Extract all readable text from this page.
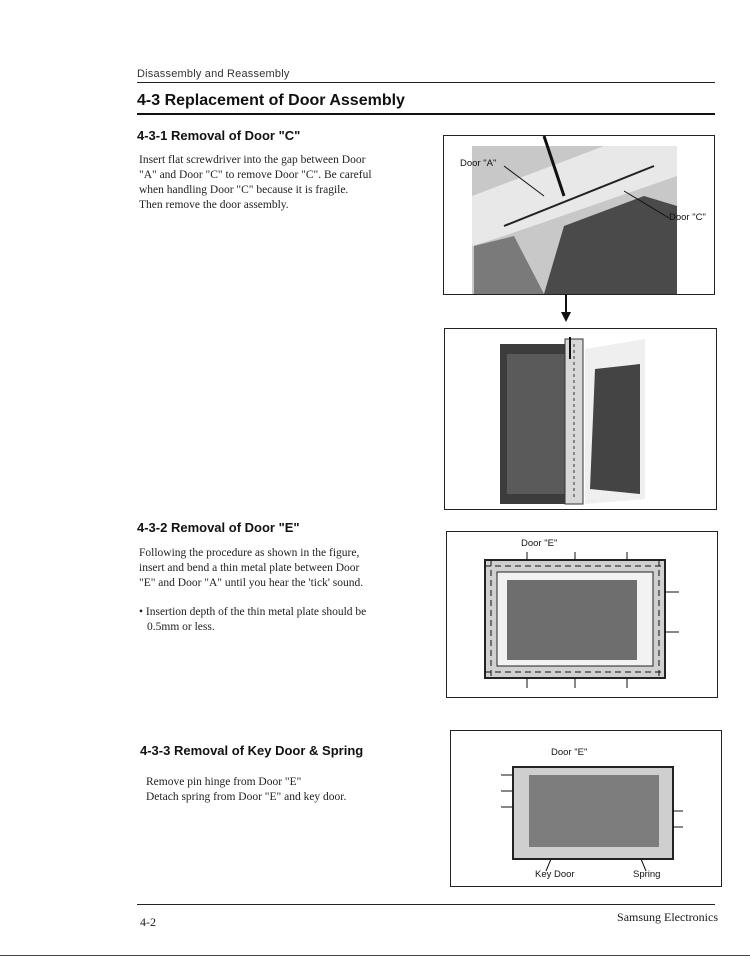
Disassembly and Reassembly
4-3 Replacement of Door Assembly
4-3-1 Removal of Door "C"
Insert flat screwdriver into the gap between Door
"A" and Door "C" to remove Door "C". Be careful
when handling Door "C" because it is fragile.
Then remove the door assembly.
Door "A"
Door "C"
4-3-2 Removal of Door "E"
Following the procedure as shown in the figure,
insert and bend a thin metal plate between Door
"E" and Door "A" until you hear the 'tick' sound.
• Insertion depth of the thin metal plate should be
0.5mm or less.
Door "E"
4-3-3 Removal of Key Door & Spring
Remove pin hinge from Door "E"
Detach spring from Door "E" and key door.
Door "E"
Key Door	Spring
4-2	Samsung Electronics
